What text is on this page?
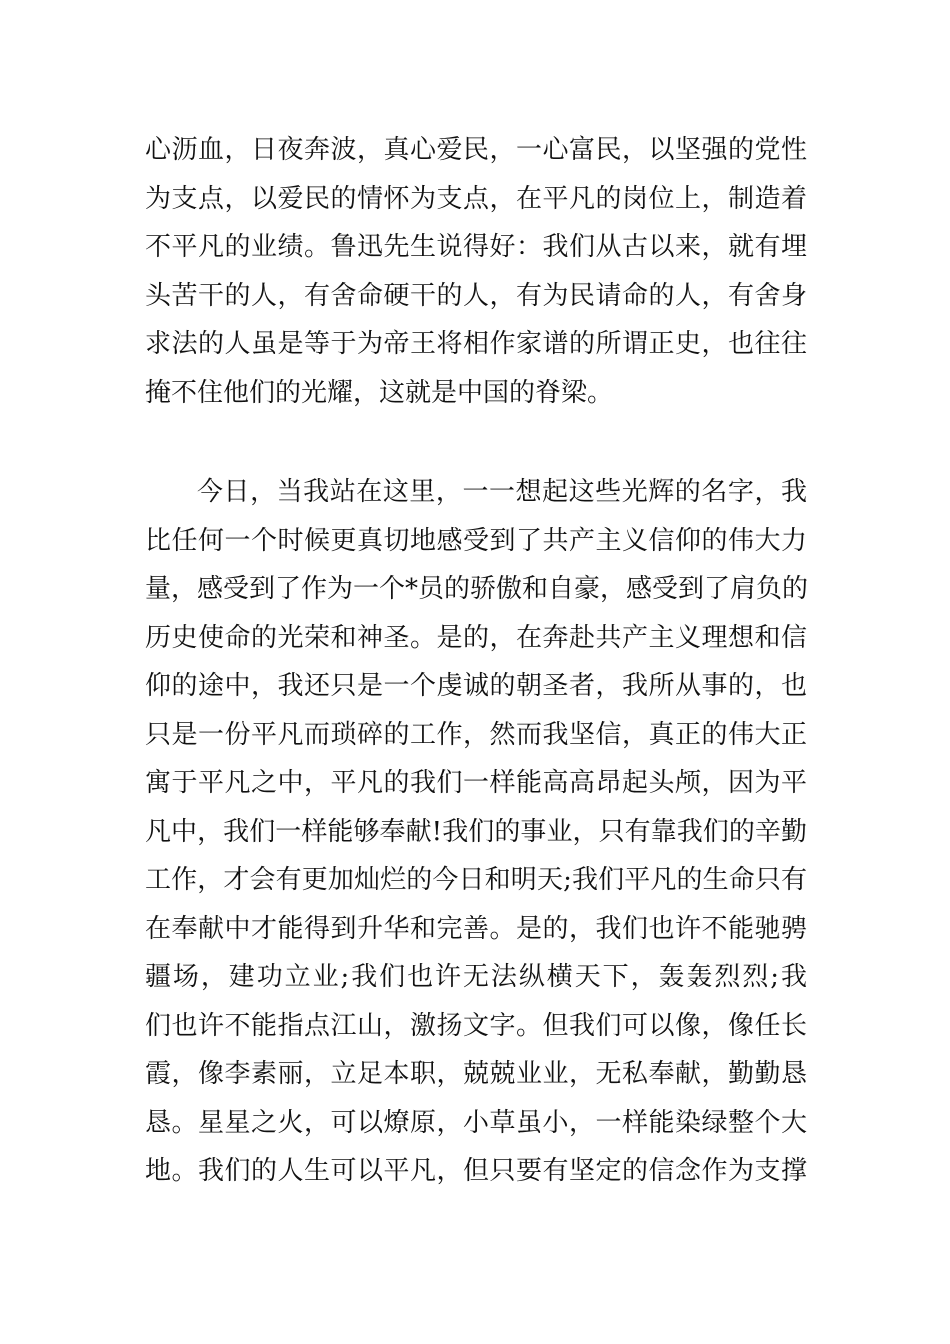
心沥血，日夜奔波，真心爱民，一心富民，以坚强的党性
为支点，以爱民的情怀为支点，在平凡的岗位上，制造着
不平凡的业绩。鲁迅先生说得好：我们从古以来，就有埋
头苦干的人，有舍命硬干的人，有为民请命的人，有舍身
求法的人虽是等于为帝王将相作家谱的所谓正史，也往往
掩不住他们的光耀，这就是中国的脊梁。
今日，当我站在这里，一一想起这些光辉的名字，我
比任何一个时候更真切地感受到了共产主义信仰的伟大力
量，感受到了作为一个*员的骄傲和自豪，感受到了肩负的
历史使命的光荣和神圣。是的，在奔赴共产主义理想和信
仰的途中，我还只是一个虔诚的朝圣者，我所从事的，也
只是一份平凡而琐碎的工作，然而我坚信，真正的伟大正
寓于平凡之中，平凡的我们一样能高高昂起头颅，因为平
凡中，我们一样能够奉献!我们的事业，只有靠我们的辛勤
工作，才会有更加灿烂的今日和明天;我们平凡的生命只有
在奉献中才能得到升华和完善。是的，我们也许不能驰骋
疆场，建功立业;我们也许无法纵横天下，轰轰烈烈;我
们也许不能指点江山，激扬文字。但我们可以像，像任长
霞，像李素丽，立足本职，兢兢业业，无私奉献，勤勤恳
恳。星星之火，可以燎原，小草虽小，一样能染绿整个大
地。我们的人生可以平凡，但只要有坚定的信念作为支撑
